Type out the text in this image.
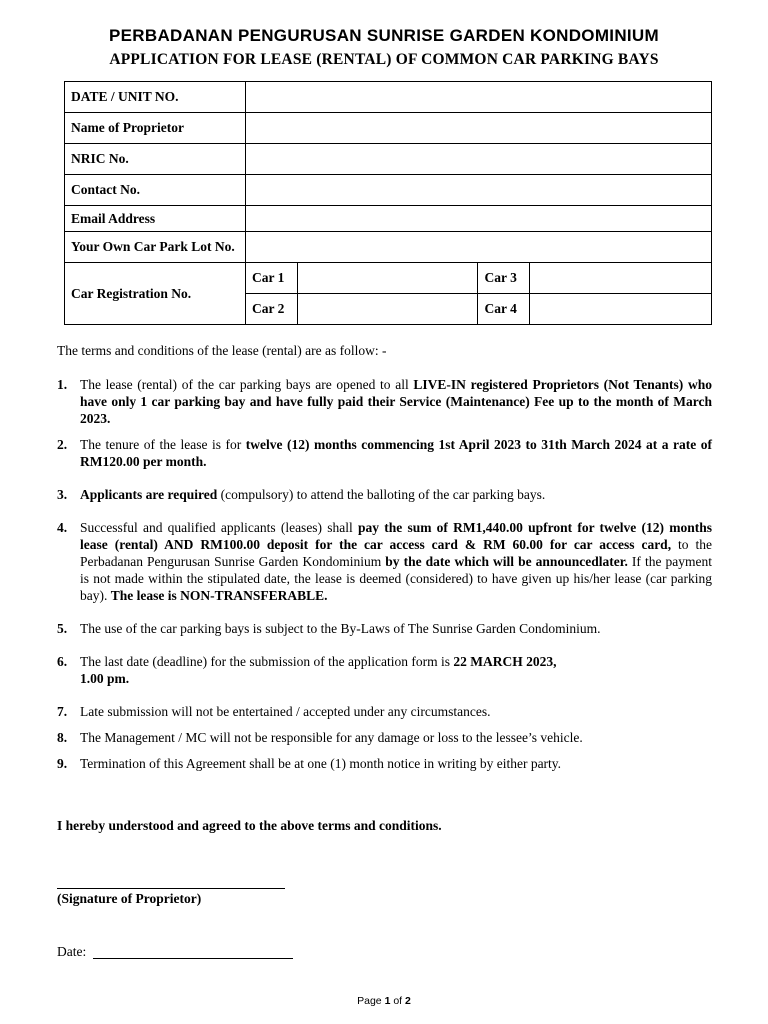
PERBADANAN PENGURUSAN SUNRISE GARDEN KONDOMINIUM
APPLICATION FOR LEASE (RENTAL) OF COMMON CAR PARKING BAYS
DATE / UNIT NO.				
Name of Proprietor				
NRIC No.				
Contact No.				
Email Address				
Your Own Car Park Lot No.				
Car Registration No.	Car 1		Car 3	
	Car 2		Car 4	
The terms and conditions of the lease (rental) are as follow: -
1. The lease (rental) of the car parking bays are opened to all LIVE-IN registered Proprietors (Not Tenants) who have only 1 car parking bay and have fully paid their Service (Maintenance) Fee up to the month of March 2023.
2. The tenure of the lease is for twelve (12) months commencing 1st April 2023 to 31th March 2024 at a rate of RM120.00 per month.
3. Applicants are required (compulsory) to attend the balloting of the car parking bays.
4. Successful and qualified applicants (leases) shall pay the sum of RM1,440.00 upfront for twelve (12) months lease (rental) AND RM100.00 deposit for the car access card & RM 60.00 for car access card, to the Perbadanan Pengurusan Sunrise Garden Kondominium by the date which will be announcedlater. If the payment is not made within the stipulated date, the lease is deemed (considered) to have given up his/her lease (car parking bay). The lease is NON-TRANSFERABLE.
5. The use of the car parking bays is subject to the By-Laws of The Sunrise Garden Condominium.
6. The last date (deadline) for the submission of the application form is 22 MARCH 2023,
1.00 pm.
7. Late submission will not be entertained / accepted under any circumstances.
8. The Management / MC will not be responsible for any damage or loss to the lessee’s vehicle.
9. Termination of this Agreement shall be at one (1) month notice in writing by either party.
I hereby understood and agreed to the above terms and conditions.
(Signature of Proprietor)
Date:
Page 1 of 2
